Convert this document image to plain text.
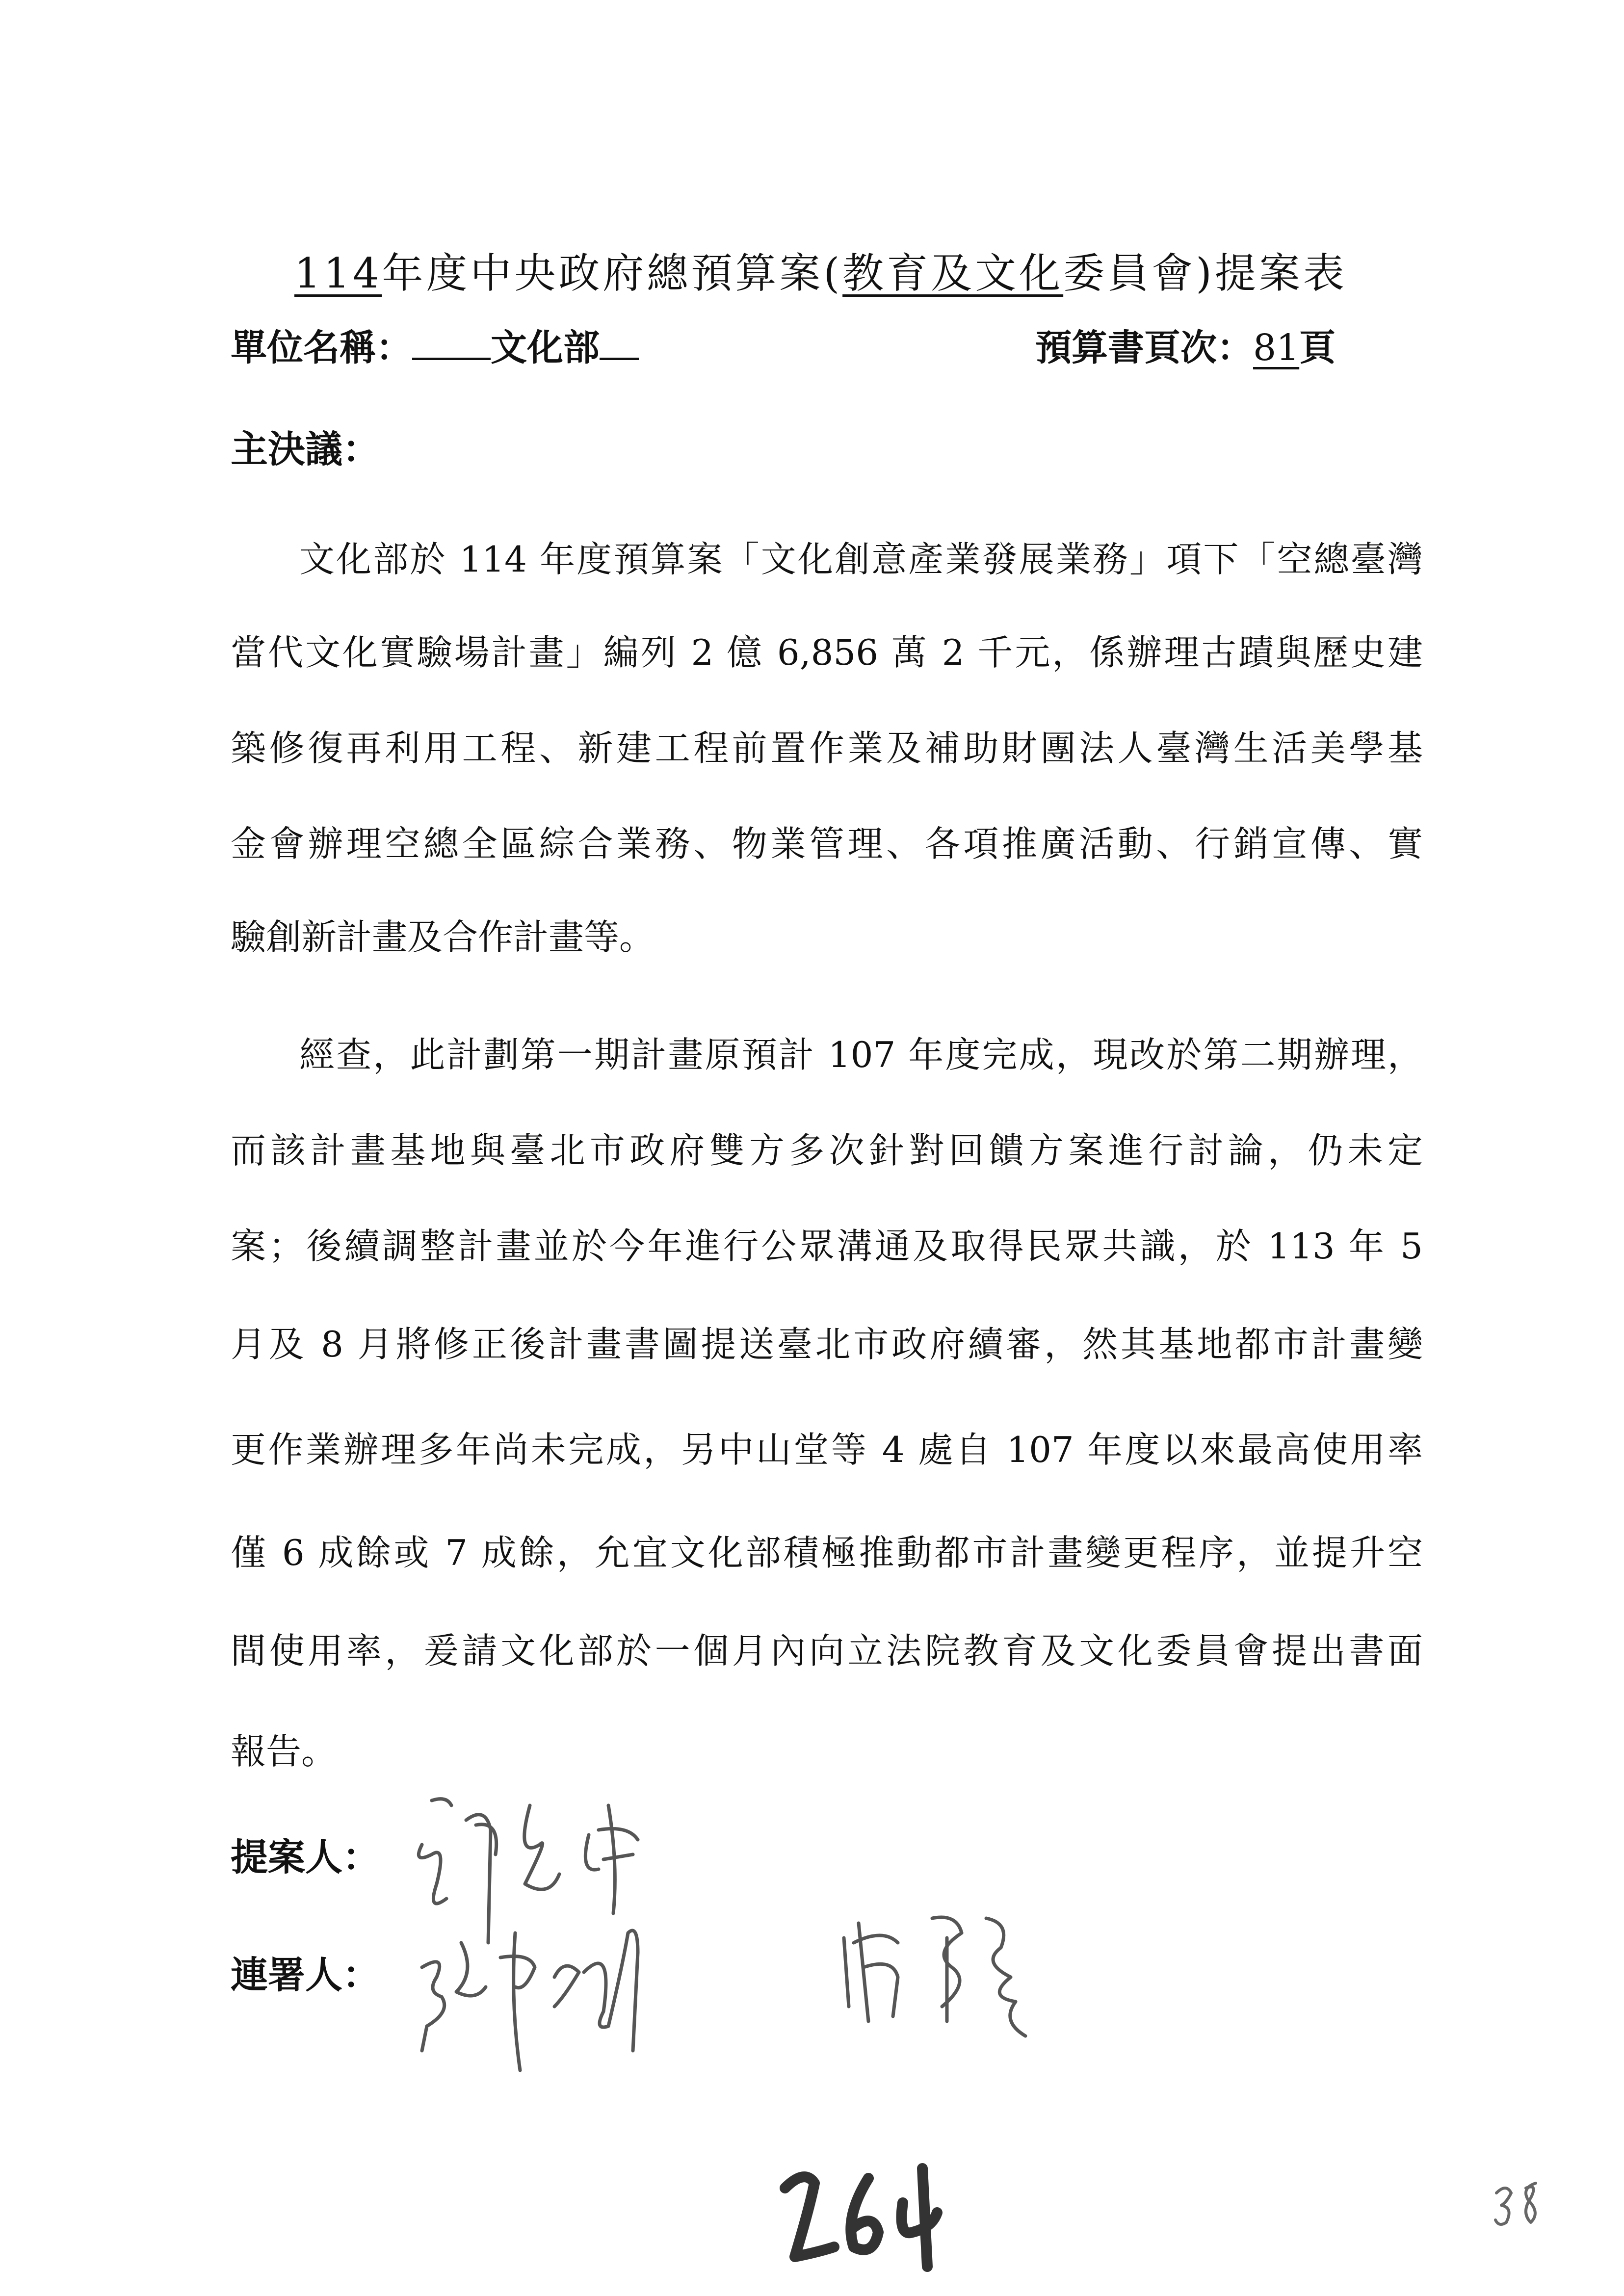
114年度中央政府總預算案(教育及文化委員會)提案表
單位名稱： 文化部	預算書頁次：81頁
主決議：
文化部於 114 年度預算案「文化創意產業發展業務」項下「空總臺灣
當代文化實驗場計畫」編列 2 億 6,856 萬 2 千元，係辦理古蹟與歷史建
築修復再利用工程、新建工程前置作業及補助財團法人臺灣生活美學基
金會辦理空總全區綜合業務、物業管理、各項推廣活動、行銷宣傳、實
驗創新計畫及合作計畫等。
經查，此計劃第一期計畫原預計 107 年度完成，現改於第二期辦理，
而該計畫基地與臺北市政府雙方多次針對回饋方案進行討論，仍未定
案；後續調整計畫並於今年進行公眾溝通及取得民眾共識，於 113 年 5
月及 8 月將修正後計畫書圖提送臺北市政府續審，然其基地都市計畫變
更作業辦理多年尚未完成，另中山堂等 4 處自 107 年度以來最高使用率
僅 6 成餘或 7 成餘，允宜文化部積極推動都市計畫變更程序，並提升空
間使用率，爰請文化部於一個月內向立法院教育及文化委員會提出書面
報告。
提案人：
連署人：
